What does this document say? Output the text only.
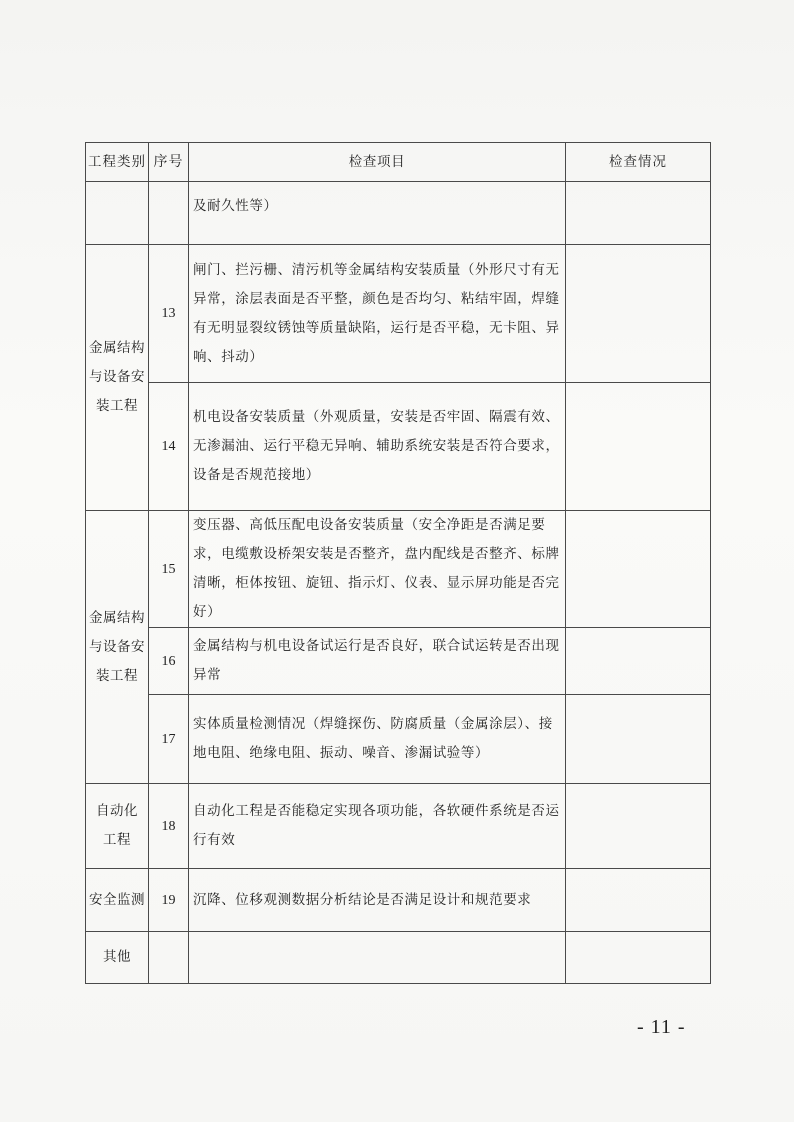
工程类别	序号	检查项目	检查情况

		及耐久性等）	

金属结构
与设备安
装工程	13	闸门、拦污栅、清污机等金属结构安装质量（外形尺寸有无异常，涂层表面是否平整，颜色是否均匀、粘结牢固，焊缝有无明显裂纹锈蚀等质量缺陷，运行是否平稳，无卡阻、异响、抖动）	
	14	机电设备安装质量（外观质量，安装是否牢固、隔震有效、无渗漏油、运行平稳无异响、辅助系统安装是否符合要求，设备是否规范接地）	

金属结构
与设备安
装工程	15	变压器、高低压配电设备安装质量（安全净距是否满足要求，电缆敷设桥架安装是否整齐，盘内配线是否整齐、标牌清晰，柜体按钮、旋钮、指示灯、仪表、显示屏功能是否完好）	
	16	金属结构与机电设备试运行是否良好，联合试运转是否出现异常	
	17	实体质量检测情况（焊缝探伤、防腐质量（金属涂层）、接地电阻、绝缘电阻、振动、噪音、渗漏试验等）	

自动化
工程	18	自动化工程是否能稳定实现各项功能，各软硬件系统是否运行有效	

安全监测	19	沉降、位移观测数据分析结论是否满足设计和规范要求	

其他			

- 11 -
